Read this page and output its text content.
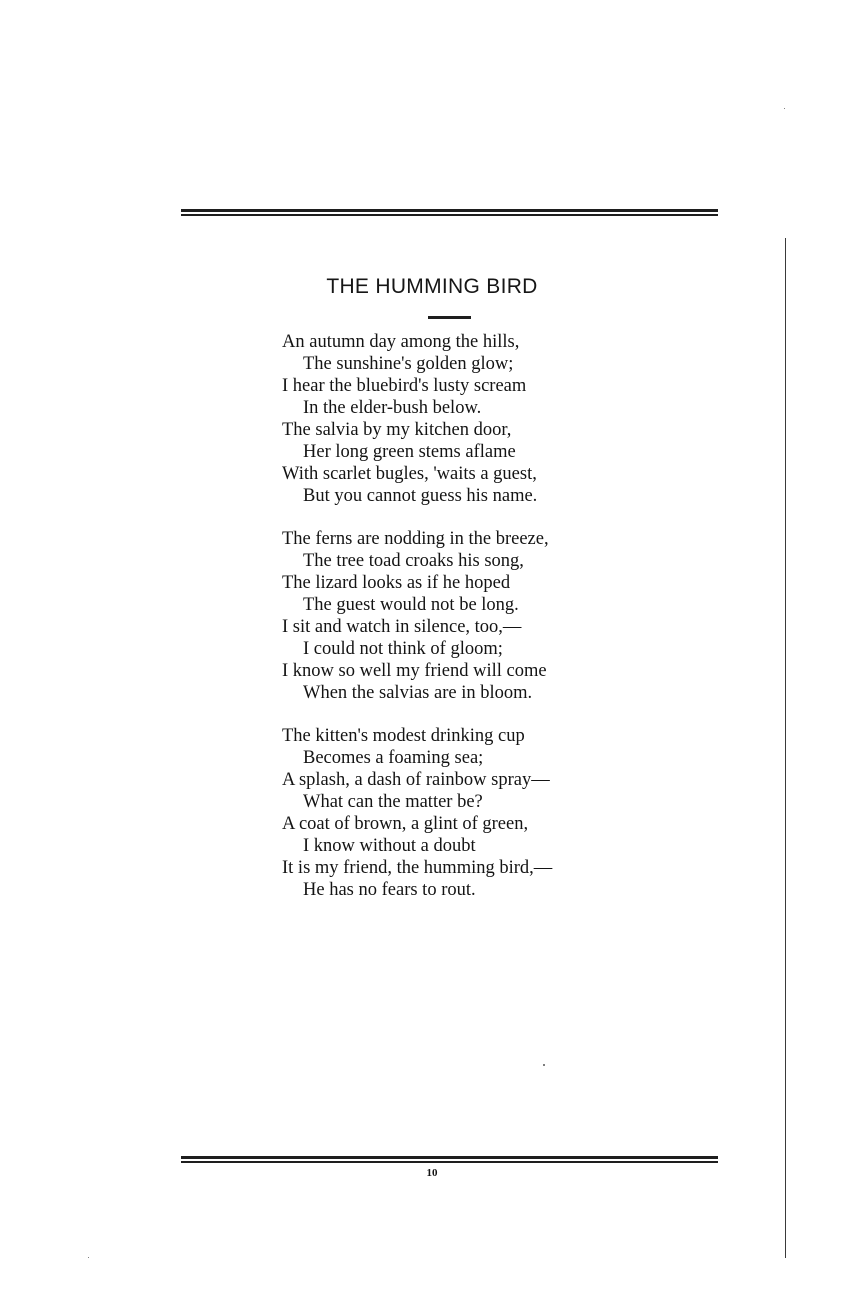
THE HUMMING BIRD
An autumn day among the hills,
The sunshine's golden glow;
I hear the bluebird's lusty scream
In the elder-bush below.
The salvia by my kitchen door,
Her long green stems aflame
With scarlet bugles, 'waits a guest,
But you cannot guess his name.
The ferns are nodding in the breeze,
The tree toad croaks his song,
The lizard looks as if he hoped
The guest would not be long.
I sit and watch in silence, too,—
I could not think of gloom;
I know so well my friend will come
When the salvias are in bloom.
The kitten's modest drinking cup
Becomes a foaming sea;
A splash, a dash of rainbow spray—
What can the matter be?
A coat of brown, a glint of green,
I know without a doubt
It is my friend, the humming bird,—
He has no fears to rout.
10
